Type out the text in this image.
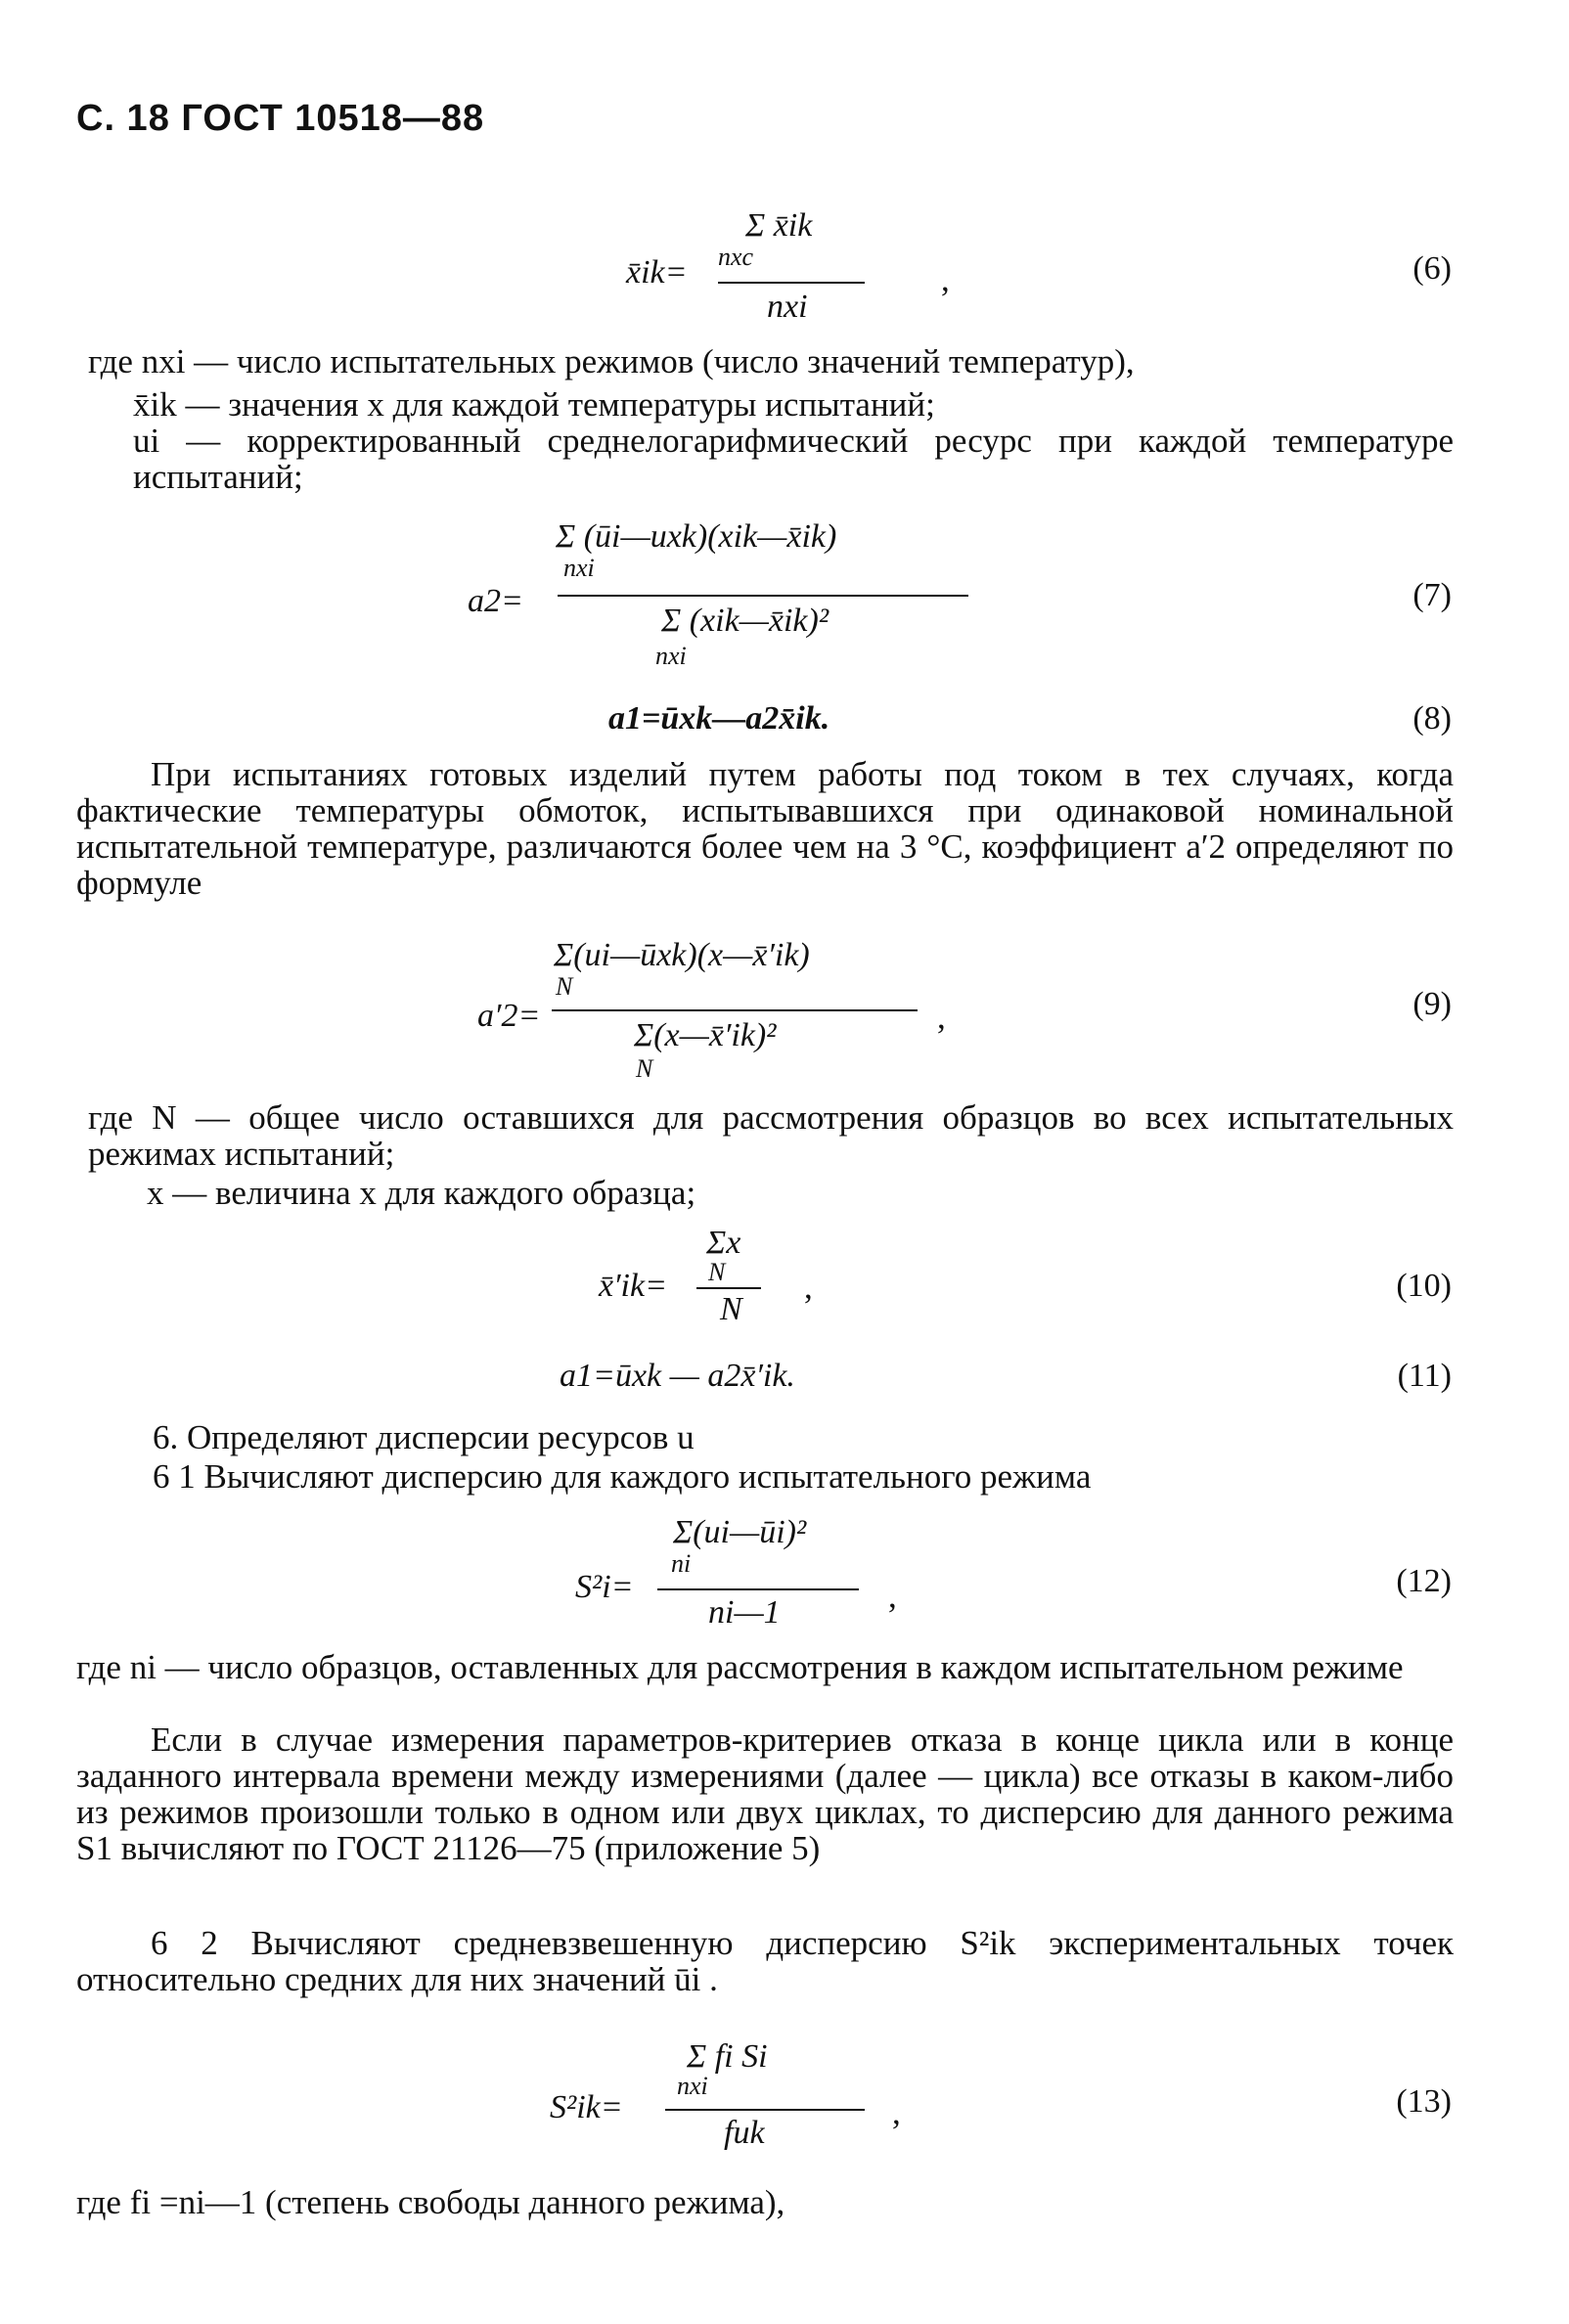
С. 18 ГОСТ 10518—88
Σ x̄ik
nxc
x̄ik=
nxi
,	(6)
где nxi — число испытательных режимов (число значений температур),
x̄ik — значения x для каждой температуры испытаний;
ui — корректированный среднелогарифмический ресурс при каждой температуре испытаний;
Σ (ūi—uxk)(xik—x̄ik)
nxi
a2=
Σ (xik—x̄ik)²
nxi
(7)
a1=ūxk—a2x̄ik.	(8)
При испытаниях готовых изделий путем работы под током в тех случаях, когда фактические температуры обмоток, испытывавшихся при одинаковой номинальной испытательной температуре, различаются более чем на 3 °С, коэффициент a′2 определяют по формуле
Σ(ui—ūxk)(x—x̄′ik)
N
a′2=
Σ(x—x̄′ik)²
N
,	(9)
где N — общее число оставшихся для рассмотрения образцов во всех испытательных режимах испытаний;
x — величина x для каждого образца;
Σx
N
x̄′ik=
N
,	(10)
a1=ūxk — a2x̄′ik.	(11)
6. Определяют дисперсии ресурсов u
6 1 Вычисляют дисперсию для каждого испытательного режима
Σ(ui—ūi)²
ni
S²i=
ni—1	,	(12)
где ni — число образцов, оставленных для рассмотрения в каждом испытательном режиме
Если в случае измерения параметров-критериев отказа в конце цикла или в конце заданного интервала времени между измерениями (далее — цикла) все отказы в каком-либо из режимов произошли только в одном или двух циклах, то дисперсию для данного режима S1 вычисляют по ГОСТ 21126—75 (приложение 5)
6 2 Вычисляют средневзвешенную дисперсию S²ik экспериментальных точек относительно средних для них значений ūi .
Σ fi Si
nxi
S²ik=
fuk
,	(13)
где fi =ni—1 (степень свободы данного режима),
